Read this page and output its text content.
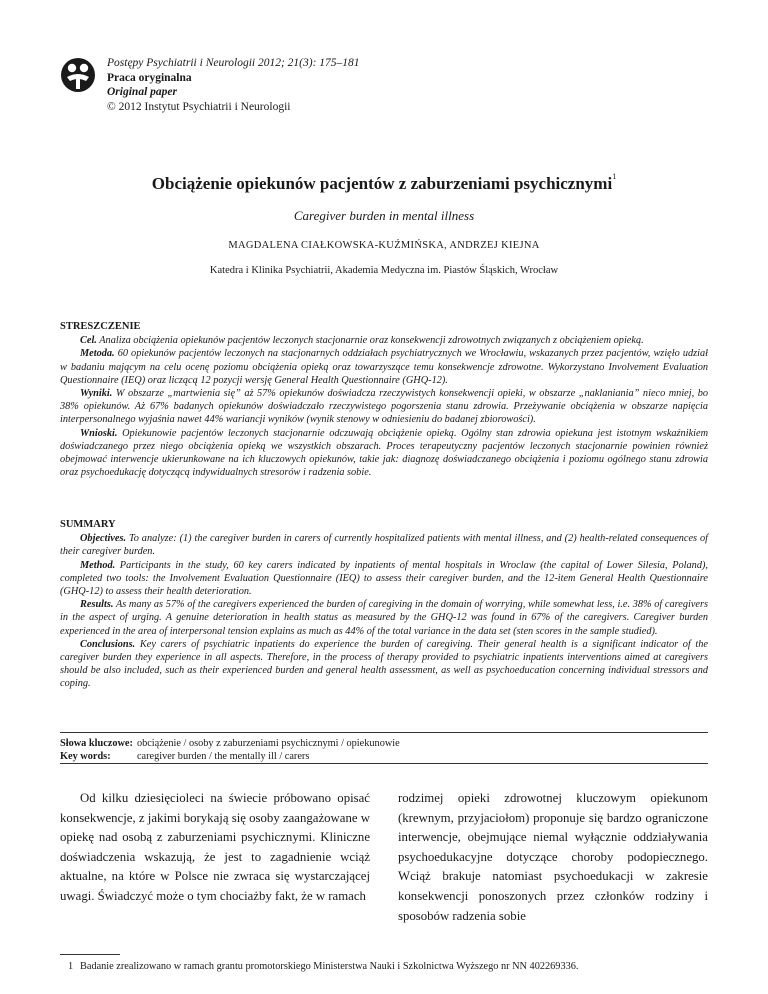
Postępy Psychiatrii i Neurologii 2012; 21(3): 175–181
Praca oryginalna
Original paper
© 2012 Instytut Psychiatrii i Neurologii
Obciążenie opiekunów pacjentów z zaburzeniami psychicznymi$^1$
Caregiver burden in mental illness
MAGDALENA CIAŁKOWSKA-KUŹMIŃSKA, ANDRZEJ KIEJNA
Katedra i Klinika Psychiatrii, Akademia Medyczna im. Piastów Śląskich, Wrocław
STRESZCZENIE

Cel. Analiza obciążenia opiekunów pacjentów leczonych stacjonarnie oraz konsekwencji zdrowotnych związanych z obciążeniem opieką.

Metoda. 60 opiekunów pacjentów leczonych na stacjonarnych oddziałach psychiatrycznych we Wrocławiu, wskazanych przez pacjentów, wzięło udział w badaniu mającym na celu ocenę poziomu obciążenia opieką oraz towarzyszące temu konsekwencje zdrowotne. Wykorzystano Involvement Evaluation Questionnaire (IEQ) oraz liczącą 12 pozycji wersję General Health Questionnaire (GHQ-12).

Wyniki. W obszarze „martwienia się” aż 57% opiekunów doświadcza rzeczywistych konsekwencji opieki, w obszarze „naklaniania” nieco mniej, bo 38% opiekunów. Aż 67% badanych opiekunów doświadczało rzeczywistego pogorszenia stanu zdrowia. Przeżywanie obciążenia w obszarze napięcia interpersonalnego wyjaśnia nawet 44% wariancji wyników (wynik stenowy w odniesieniu do badanej zbiorowości).

Wnioski. Opiekunowie pacjentów leczonych stacjonarnie odczuwają obciążenie opieką. Ogólny stan zdrowia opiekuna jest istotnym wskaźnikiem doświadczanego przez niego obciążenia opieką we wszystkich obszarach. Proces terapeutyczny pacjentów leczonych stacjonarnie powinien również obejmować interwencje ukierunkowane na ich kluczowych opiekunów, takie jak: diagnozę doświadczanego obciążenia i poziomu ogólnego stanu zdrowia oraz psychoedukację dotyczącą indywidualnych stresorów i radzenia sobie.

SUMMARY

Objectives. To analyze: (1) the caregiver burden in carers of currently hospitalized patients with mental illness, and (2) health-related consequences of their caregiver burden.

Method. Participants in the study, 60 key carers indicated by inpatients of mental hospitals in Wroclaw (the capital of Lower Silesia, Poland), completed two tools: the Involvement Evaluation Questionnaire (IEQ) to assess their caregiver burden, and the 12-item General Health Questionnaire (GHQ-12) to assess their health deterioration.

Results. As many as 57% of the caregivers experienced the burden of caregiving in the domain of worrying, while somewhat less, i.e. 38% of caregivers in the aspect of urging. A genuine deterioration in health status as measured by the GHQ-12 was found in 67% of the caregivers. Caregiver burden experienced in the area of interpersonal tension explains as much as 44% of the total variance in the data set (sten scores in the sample studied).

Conclusions. Key carers of psychiatric inpatients do experience the burden of caregiving. Their general health is a significant indicator of the caregiver burden they experience in all aspects. Therefore, in the process of therapy provided to psychiatric inpatients interventions aimed at caregivers should be also included, such as their experienced burden and general health assessment, as well as psychoeducation concerning individual stressors and coping.

Słowa kluczowe:	obciążenie / osoby z zaburzeniami psychicznymi / opiekunowie
Key words:	caregiver burden / the mentally ill / carers
Od kilku dziesięcioleci na świecie próbowano opisać konsekwencje, z jakimi borykają się osoby zaangażowane w opiekę nad osobą z zaburzeniami psychicznymi. Kliniczne doświadczenia wskazują, że jest to zagadnienie wciąż aktualne, na które w Polsce nie zwraca się wystarczającej uwagi. Świadczyć może o tym chociażby fakt, że w ramach
rodzimej opieki zdrowotnej kluczowym opiekunom (krewnym, przyjaciołom) proponuje się bardzo ograniczone interwencje, obejmujące niemal wyłącznie oddziaływania psychoedukacyjne dotyczące choroby podopiecznego. Wciąż brakuje natomiast psychoedukacji w zakresie konsekwencji ponoszonych przez członków rodziny i sposobów radzenia sobie
1 Badanie zrealizowano w ramach grantu promotorskiego Ministerstwa Nauki i Szkolnictwa Wyższego nr NN 402269336.
